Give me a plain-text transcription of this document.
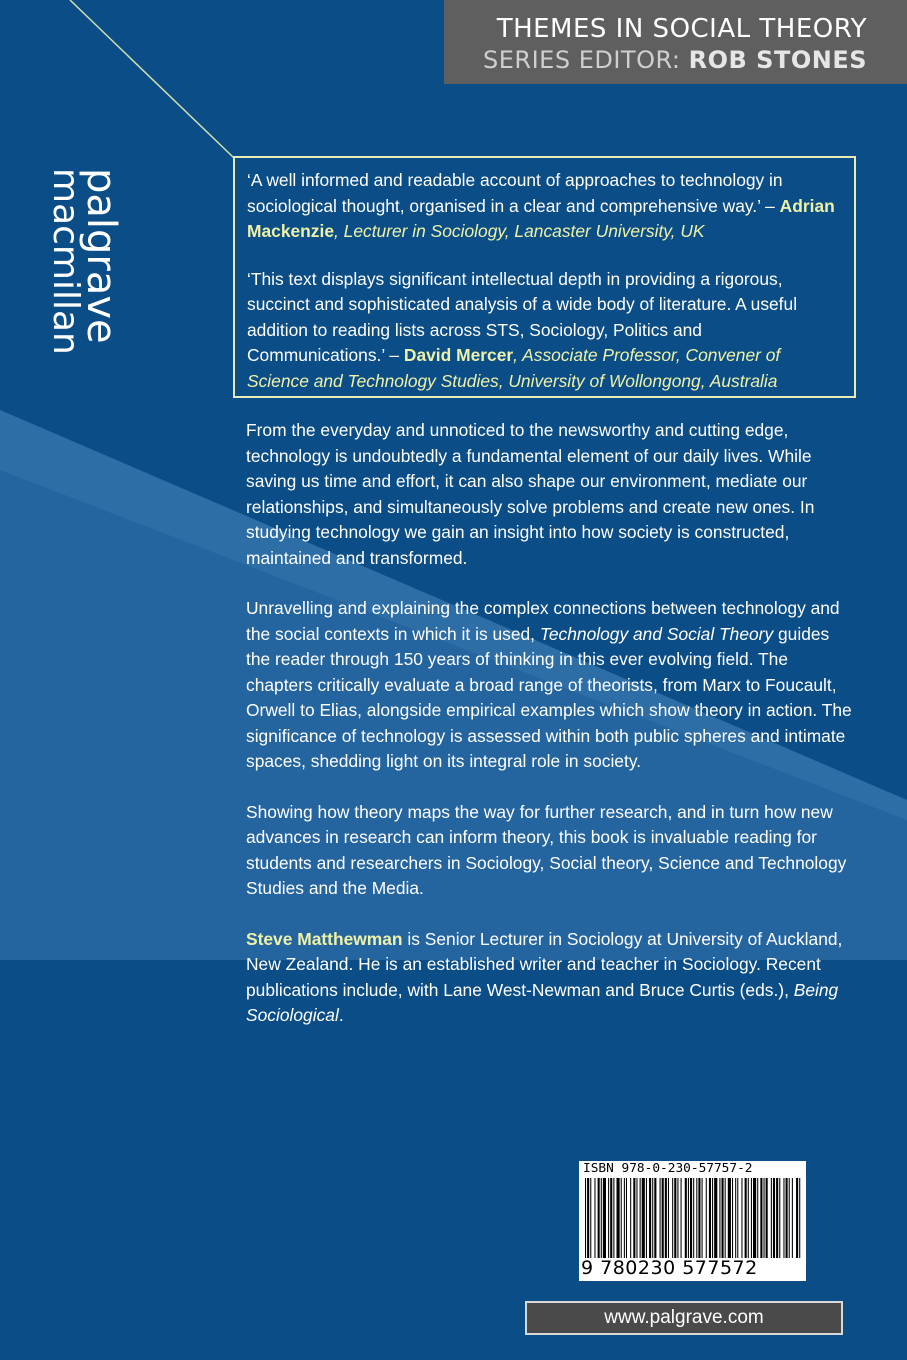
THEMES IN SOCIAL THEORY
SERIES EDITOR: ROB STONES
palgrave
macmillan	‘A well informed and readable account of approaches to technology in sociological thought, organised in a clear and comprehensive way.’ – Adrian Mackenzie, Lecturer in Sociology, Lancaster University, UK

‘This text displays significant intellectual depth in providing a rigorous, succinct and sophisticated analysis of a wide body of literature. A useful addition to reading lists across STS, Sociology, Politics and Communications.’ – David Mercer, Associate Professor, Convener of Science and Technology Studies, University of Wollongong, Australia

From the everyday and unnoticed to the newsworthy and cutting edge, technology is undoubtedly a fundamental element of our daily lives. While saving us time and effort, it can also shape our environment, mediate our relationships, and simultaneously solve problems and create new ones. In studying technology we gain an insight into how society is constructed, maintained and transformed.

Unravelling and explaining the complex connections between technology and the social contexts in which it is used, Technology and Social Theory guides the reader through 150 years of thinking in this ever evolving field. The chapters critically evaluate a broad range of theorists, from Marx to Foucault, Orwell to Elias, alongside empirical examples which show theory in action. The significance of technology is assessed within both public spheres and intimate spaces, shedding light on its integral role in society.

Showing how theory maps the way for further research, and in turn how new advances in research can inform theory, this book is invaluable reading for students and researchers in Sociology, Social theory, Science and Technology Studies and the Media.

Steve Matthewman is Senior Lecturer in Sociology at University of Auckland, New Zealand. He is an established writer and teacher in Sociology. Recent publications include, with Lane West-Newman and Bruce Curtis (eds.), Being Sociological.

ISBN 978-0-230-57757-2
9 780230 577572
www.palgrave.com
